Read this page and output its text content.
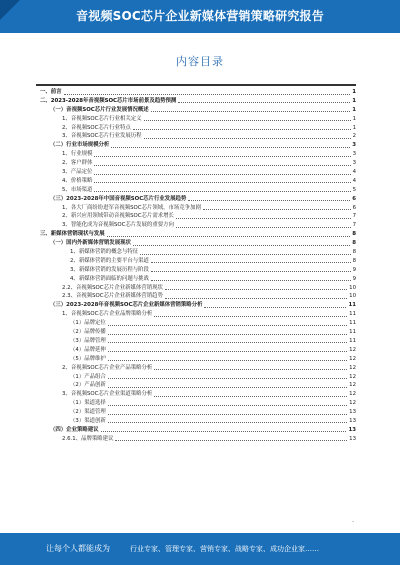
音视频SOC芯片企业新媒体营销策略研究报告
内容目录
一、前言	1
二、2023-2028年音视频SOC芯片市场前景及趋势预测	1
（一）音视频SOC芯片行业发展情况概述	1
1、音视频SOC芯片行业相关定义	1
2、音视频SOC芯片行业特点	1
3、音视频SOC芯片行业发展历程	2
（二）行业市场规模分析	3
1、行业规模	3
2、客户群体	3
3、产品定位	4
4、价格策略	4
5、市场渠道	5
（三）2023-2028年中国音视频SOC芯片行业发展趋势	6
1、各大厂商纷纷进军音视频SOC芯片领域，市场竞争加剧	6
2、新兴应用领域带动音视频SOC芯片需求增长	7
3、智能化成为音视频SOC芯片发展的重要方向	7
三、新媒体营销现状与发展	8
（一）国内外新媒体营销发展现状	8
1、新媒体营销的概念与特征	8
2、新媒体营销的主要平台与渠道	8
3、新媒体营销的发展历程与阶段	9
4、新媒体营销面临的问题与挑战	9
2.2、音视频SOC芯片企业新媒体营销现状	10
2.3、音视频SOC芯片企业新媒体营销趋势	10
（三）2023-2028年音视频SOC芯片企业新媒体营销策略分析	11
1、音视频SOC芯片企业品牌策略分析	11
（1）品牌定位	11
（2）品牌传播	11
（3）品牌管理	11
（4）品牌延伸	12
（5）品牌维护	12
2、音视频SOC芯片企业产品策略分析	12
（1）产品组合	12
（2）产品创新	12
3、音视频SOC芯片企业渠道策略分析	12
（1）渠道选择	12
（2）渠道管理	13
（3）渠道创新	13
（四）企业策略建议	13
2.6.1、品牌策略建议	13
-
让每个人都能成为	行业专家、管理专家、营销专家、战略专家、成功企业家……
